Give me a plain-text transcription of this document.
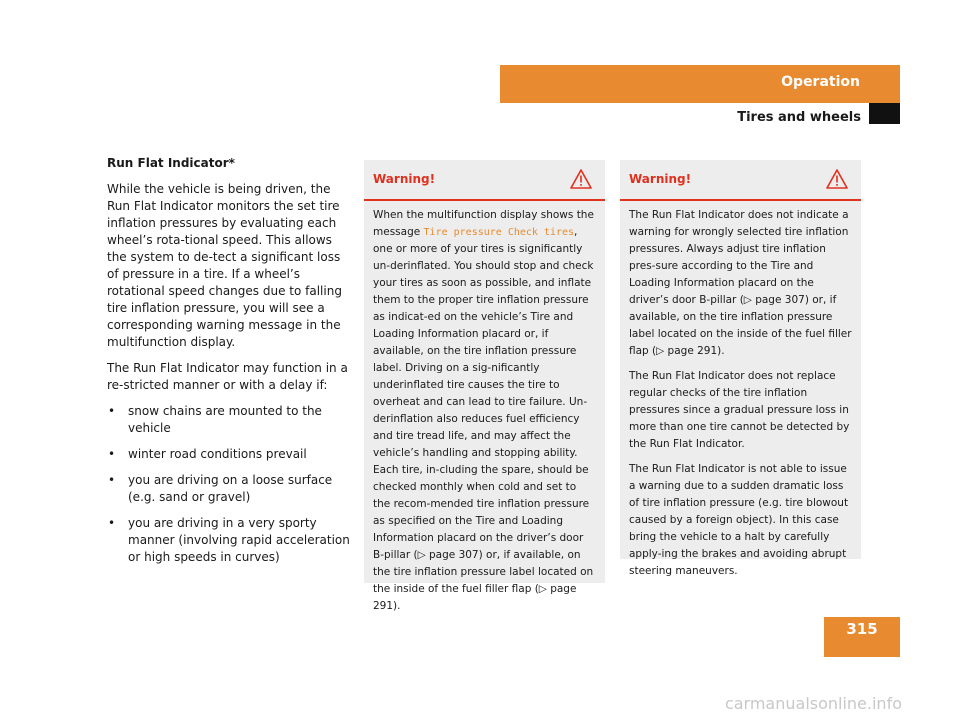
Operation
Tires and wheels
Run Flat Indicator*

While the vehicle is being driven, the Run Flat Indicator monitors the set tire inflation pressures by evaluating each wheel’s rota-tional speed. This allows the system to de-tect a significant loss of pressure in a tire. If a wheel’s rotational speed changes due to falling tire inflation pressure, you will see a corresponding warning message in the multifunction display.

The Run Flat Indicator may function in a re-stricted manner or with a delay if:

• snow chains are mounted to the vehicle
• winter road conditions prevail
• you are driving on a loose surface (e.g. sand or gravel)
• you are driving in a very sporty manner (involving rapid acceleration or high speeds in curves)
Warning!

When the multifunction display shows the message Tire pressure Check tires, one or more of your tires is significantly un-derinflated. You should stop and check your tires as soon as possible, and inflate them to the proper tire inflation pressure as indicat-ed on the vehicle’s Tire and Loading Information placard or, if available, on the tire inflation pressure label. Driving on a sig-nificantly underinflated tire causes the tire to overheat and can lead to tire failure. Un-derinflation also reduces fuel efficiency and tire tread life, and may affect the vehicle’s handling and stopping ability. Each tire, in-cluding the spare, should be checked monthly when cold and set to the recom-mended tire inflation pressure as specified on the Tire and Loading Information placard on the driver’s door B-pillar (▷ page 307) or, if available, on the tire inflation pressure label located on the inside of the fuel filler flap (▷ page 291).

Warning!

The Run Flat Indicator does not indicate a warning for wrongly selected tire inflation pressures. Always adjust tire inflation pres-sure according to the Tire and Loading Information placard on the driver’s door B-pillar (▷ page 307) or, if available, on the tire inflation pressure label located on the inside of the fuel filler flap (▷ page 291).

The Run Flat Indicator does not replace regular checks of the tire inflation pressures since a gradual pressure loss in more than one tire cannot be detected by the Run Flat Indicator.

The Run Flat Indicator is not able to issue a warning due to a sudden dramatic loss of tire inflation pressure (e.g. tire blowout caused by a foreign object). In this case bring the vehicle to a halt by carefully apply-ing the brakes and avoiding abrupt steering maneuvers.

315
carmanualsonline.info
